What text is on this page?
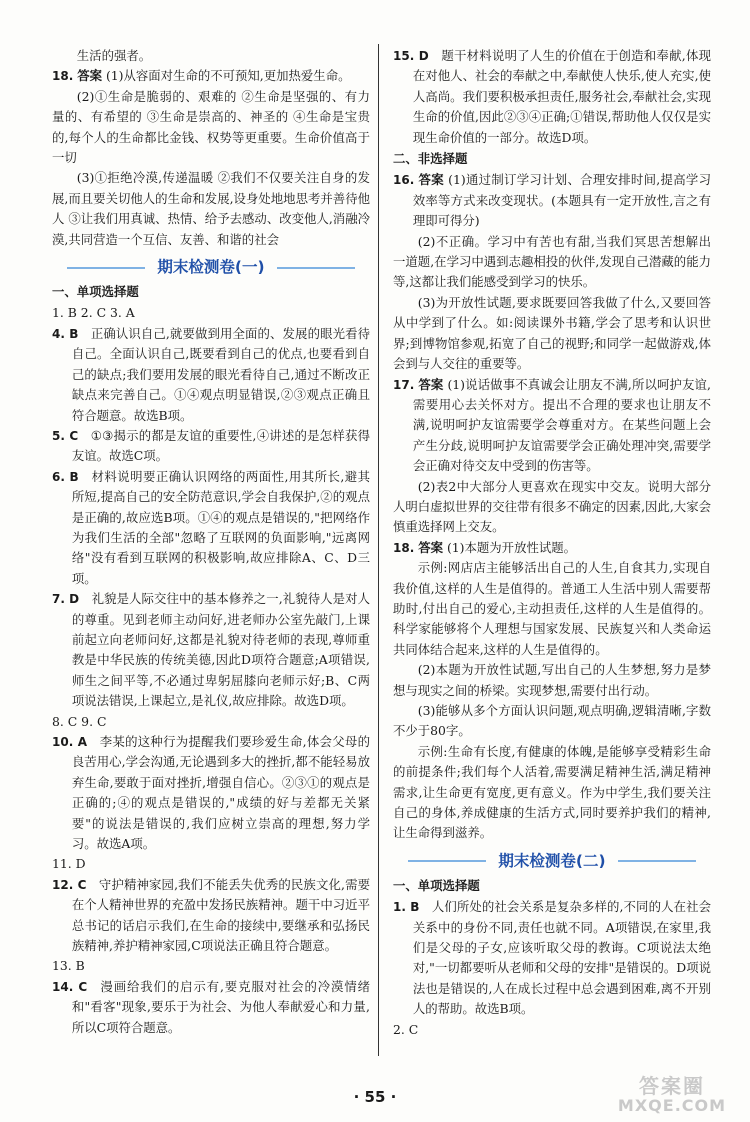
生活的强者。

18. 答案 (1)从容面对生命的不可预知,更加热爱生命。

(2)①生命是脆弱的、艰难的 ②生命是坚强的、有力量的、有希望的 ③生命是崇高的、神圣的 ④生命是宝贵的,每个人的生命都比金钱、权势等更重要。生命价值高于一切

(3)①拒绝冷漠,传递温暖 ②我们不仅要关注自身的发展,而且要关切他人的生命和发展,设身处地地思考并善待他人 ③让我们用真诚、热情、给予去感动、改变他人,消融冷漠,共同营造一个互信、友善、和谐的社会

期末检测卷(一)

一、单项选择题

1. B 2. C 3. A

4. B  正确认识自己,就要做到用全面的、发展的眼光看待自己。全面认识自己,既要看到自己的优点,也要看到自己的缺点;我们要用发展的眼光看待自己,通过不断改正缺点来完善自己。①④观点明显错误,②③观点正确且符合题意。故选B项。

5. C  ①③揭示的都是友谊的重要性,④讲述的是怎样获得友谊。故选C项。

6. B  材料说明要正确认识网络的两面性,用其所长,避其所短,提高自己的安全防范意识,学会自我保护,②的观点是正确的,故应选B项。①④的观点是错误的,"把网络作为我们生活的全部"忽略了互联网的负面影响,"远离网络"没有看到互联网的积极影响,故应排除A、C、D三项。

7. D  礼貌是人际交往中的基本修养之一,礼貌待人是对人的尊重。见到老师主动问好,进老师办公室先敲门,上课前起立向老师问好,这都是礼貌对待老师的表现,尊师重教是中华民族的传统美德,因此D项符合题意;A项错误,师生之间平等,不必通过卑躬屈膝向老师示好;B、C两项说法错误,上课起立,是礼仪,故应排除。故选D项。

8. C 9. C

10. A  李某的这种行为提醒我们要珍爱生命,体会父母的良苦用心,学会沟通,无论遇到多大的挫折,都不能轻易放弃生命,要敢于面对挫折,增强自信心。②③①的观点是正确的;④的观点是错误的,"成绩的好与差都无关紧要"的说法是错误的,我们应树立崇高的理想,努力学习。故选A项。

11. D

12. C  守护精神家园,我们不能丢失优秀的民族文化,需要在个人精神世界的充盈中发扬民族精神。题干中习近平总书记的话启示我们,在生命的接续中,要继承和弘扬民族精神,养护精神家园,C项说法正确且符合题意。

13. B

14. C  漫画给我们的启示有,要克服对社会的冷漠情绪和"看客"现象,要乐于为社会、为他人奉献爱心和力量,所以C项符合题意。

15. D  题干材料说明了人生的价值在于创造和奉献,体现在对他人、社会的奉献之中,奉献使人快乐,使人充实,使人高尚。我们要积极承担责任,服务社会,奉献社会,实现生命的价值,因此②③④正确;①错误,帮助他人仅仅是实现生命价值的一部分。故选D项。

二、非选择题

16. 答案 (1)通过制订学习计划、合理安排时间,提高学习效率等方式来改变现状。(本题具有一定开放性,言之有理即可得分)

(2)不正确。学习中有苦也有甜,当我们冥思苦想解出一道题,在学习中遇到志趣相投的伙伴,发现自己潜藏的能力等,这都让我们能感受到学习的快乐。

(3)为开放性试题,要求既要回答我做了什么,又要回答从中学到了什么。如:阅读课外书籍,学会了思考和认识世界;到博物馆参观,拓宽了自己的视野;和同学一起做游戏,体会到与人交往的重要等。

17. 答案 (1)说话做事不真诚会让朋友不满,所以呵护友谊,需要用心去关怀对方。提出不合理的要求也让朋友不满,说明呵护友谊需要学会尊重对方。在某些问题上会产生分歧,说明呵护友谊需要学会正确处理冲突,需要学会正确对待交友中受到的伤害等。

(2)表2中大部分人更喜欢在现实中交友。说明大部分人明白虚拟世界的交往带有很多不确定的因素,因此,大家会慎重选择网上交友。

18. 答案 (1)本题为开放性试题。

示例:网店店主能够活出自己的人生,自食其力,实现自我价值,这样的人生是值得的。普通工人生活中别人需要帮助时,付出自己的爱心,主动担责任,这样的人生是值得的。科学家能够将个人理想与国家发展、民族复兴和人类命运共同体结合起来,这样的人生是值得的。

(2)本题为开放性试题,写出自己的人生梦想,努力是梦想与现实之间的桥梁。实现梦想,需要付出行动。

(3)能够从多个方面认识问题,观点明确,逻辑清晰,字数不少于80字。

示例:生命有长度,有健康的体魄,是能够享受精彩生命的前提条件;我们每个人活着,需要满足精神生活,满足精神需求,让生命更有宽度,更有意义。作为中学生,我们要关注自己的身体,养成健康的生活方式,同时要养护我们的精神,让生命得到滋养。

期末检测卷(二)

一、单项选择题

1. B  人们所处的社会关系是复杂多样的,不同的人在社会关系中的身份不同,责任也就不同。A项错误,在家里,我们是父母的子女,应该听取父母的教诲。C项说法太绝对,"一切都要听从老师和父母的安排"是错误的。D项说法也是错误的,人在成长过程中总会遇到困难,离不开别人的帮助。故选B项。

2. C

· 55 ·	答案圈
MXQE.COM
